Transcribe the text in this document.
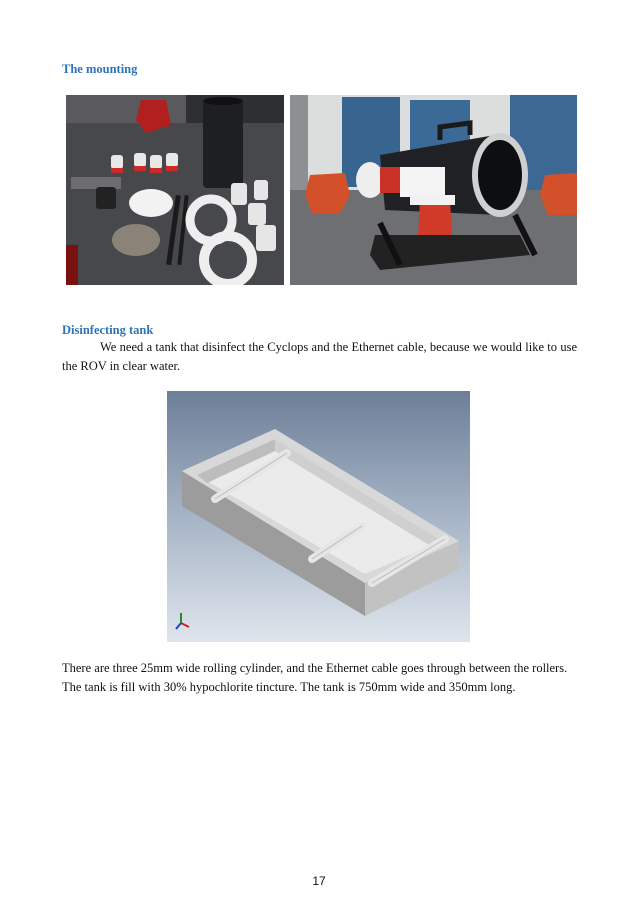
The mounting
Disinfecting tank

We need a tank that disinfect the Cyclops and the Ethernet cable, because we would like to use the ROV in clear water.

There are three 25mm wide rolling cylinder, and the Ethernet cable goes through between the rollers.
The tank is fill with 30% hypochlorite tincture. The tank is 750mm wide and 350mm long.
17
